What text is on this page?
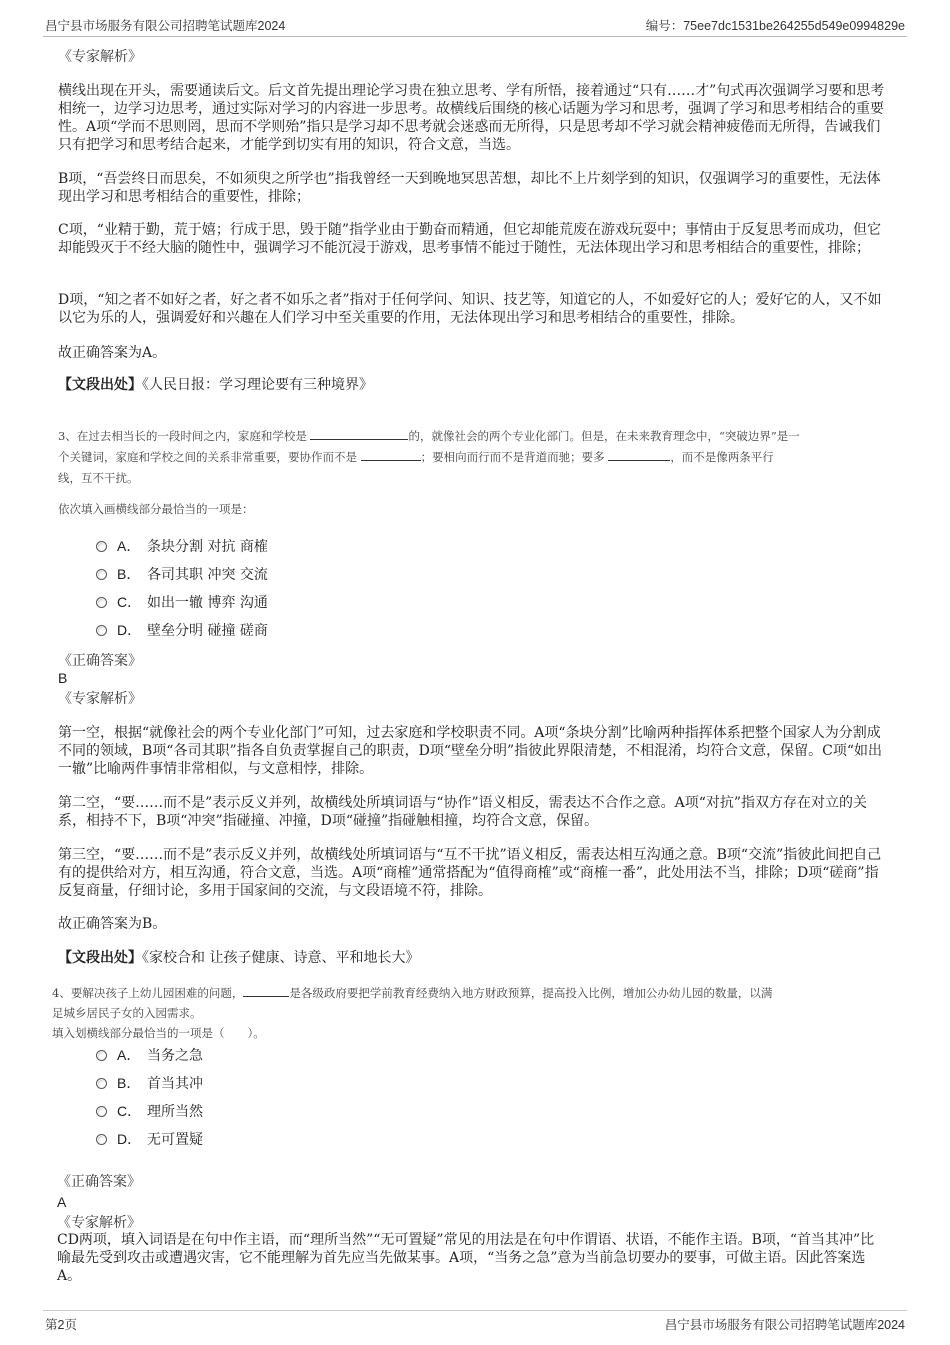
昌宁县市场服务有限公司招聘笔试题库2024	编号：75ee7dc1531be264255d549e0994829e
《专家解析》
横线出现在开头，需要通读后文。后文首先提出理论学习贵在独立思考、学有所悟，接着通过“只有……才”句式再次强调学习要和思考相统一，边学习边思考，通过实际对学习的内容进一步思考。故横线后围绕的核心话题为学习和思考，强调了学习和思考相结合的重要性。A项“学而不思则罔，思而不学则殆”指只是学习却不思考就会迷惑而无所得，只是思考却不学习就会精神疲倦而无所得，告诫我们只有把学习和思考结合起来，才能学到切实有用的知识，符合文意，当选。
B项，“吾尝终日而思矣，不如须臾之所学也”指我曾经一天到晚地冥思苦想，却比不上片刻学到的知识，仅强调学习的重要性，无法体现出学习和思考相结合的重要性，排除；
C项，“业精于勤，荒于嬉；行成于思，毁于随”指学业由于勤奋而精通，但它却能荒废在游戏玩耍中；事情由于反复思考而成功，但它却能毁灭于不经大脑的随性中，强调学习不能沉浸于游戏，思考事情不能过于随性，无法体现出学习和思考相结合的重要性，排除；
D项，“知之者不如好之者，好之者不如乐之者”指对于任何学问、知识、技艺等，知道它的人，不如爱好它的人；爱好它的人，又不如以它为乐的人，强调爱好和兴趣在人们学习中至关重要的作用，无法体现出学习和思考相结合的重要性，排除。
故正确答案为A。
【文段出处】《人民日报：学习理论要有三种境界》
3、在过去相当长的一段时间之内，家庭和学校是	的，就像社会的两个专业化部门。但是，在未来教育理念中，“突破边界”是一
个关键词，家庭和学校之间的关系非常重要，要协作而不是	；要相向而行而不是背道而驰；要多	，而不是像两条平行
线，互不干扰。
依次填入画横线部分最恰当的一项是：
A． 条块分割 对抗 商榷
B． 各司其职 冲突 交流
C． 如出一辙 博弈 沟通
D． 壁垒分明 碰撞 磋商
《正确答案》
B
《专家解析》
第一空，根据“就像社会的两个专业化部门”可知，过去家庭和学校职责不同。A项“条块分割”比喻两种指挥体系把整个国家人为分割成不同的领域，B项“各司其职”指各自负责掌握自己的职责，D项“壁垒分明”指彼此界限清楚，不相混淆，均符合文意，保留。C项“如出一辙”比喻两件事情非常相似，与文意相悖，排除。
第二空，“要……而不是”表示反义并列，故横线处所填词语与“协作”语义相反，需表达不合作之意。A项“对抗”指双方存在对立的关系，相持不下，B项“冲突”指碰撞、冲撞，D项“碰撞”指碰触相撞，均符合文意，保留。
第三空，“要……而不是”表示反义并列，故横线处所填词语与“互不干扰”语义相反，需表达相互沟通之意。B项“交流”指彼此间把自己有的提供给对方，相互沟通，符合文意，当选。A项“商榷”通常搭配为“值得商榷”或“商榷一番”，此处用法不当，排除；D项“磋商”指反复商量，仔细讨论，多用于国家间的交流，与文段语境不符，排除。
故正确答案为B。
【文段出处】《家校合和 让孩子健康、诗意、平和地长大》
4、要解决孩子上幼儿园困难的问题，	是各级政府要把学前教育经费纳入地方财政预算，提高投入比例，增加公办幼儿园的数量，以满
足城乡居民子女的入园需求。
填入划横线部分最恰当的一项是（　　）。
A． 当务之急
B． 首当其冲
C． 理所当然
D． 无可置疑
《正确答案》
A
《专家解析》
CD两项，填入词语是在句中作主语，而“理所当然”“无可置疑”常见的用法是在句中作谓语、状语，不能作主语。B项，“首当其冲”比喻最先受到攻击或遭遇灾害，它不能理解为首先应当先做某事。A项，“当务之急”意为当前急切要办的要事，可做主语。因此答案选A。
第2页	昌宁县市场服务有限公司招聘笔试题库2024
